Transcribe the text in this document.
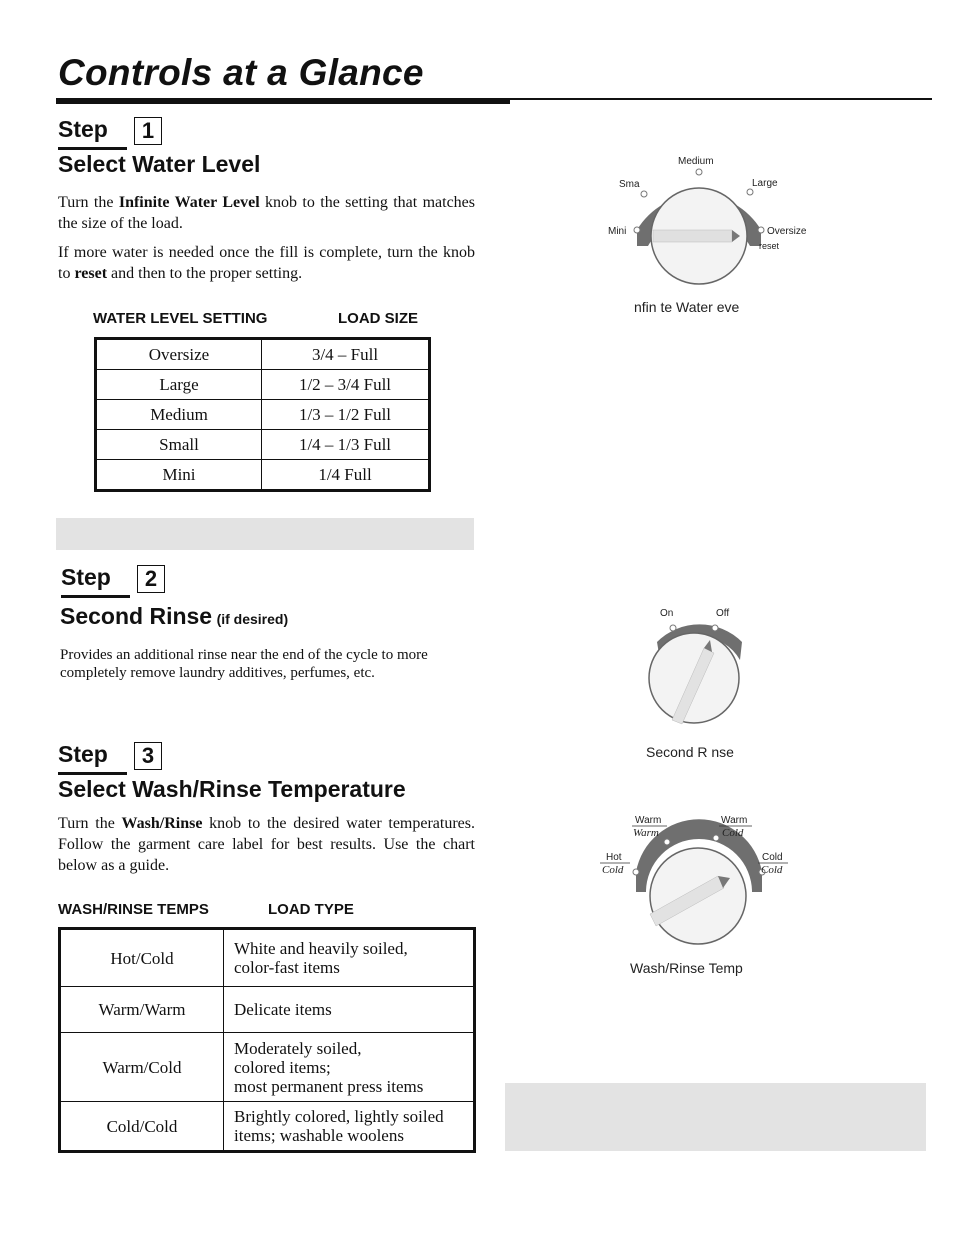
Controls at a Glance
Step	1
Select Water Level
Turn the Infinite Water Level knob to the setting that matches the size of the load.
If more water is needed once the fill is complete, turn the knob to reset and then to the proper setting.
WATER LEVEL SETTING	LOAD SIZE
Oversize	3/4 – Full
Large	1/2 – 3/4 Full
Medium	1/3 – 1/2 Full
Small	1/4 – 1/3 Full
Mini	1/4 Full
Medium
Sma	Large
Mini	Oversize
reset
nfin te Water eve
Step	2
Second Rinse (if desired)
Provides an additional rinse near the end of the cycle to more completely remove laundry additives, perfumes, etc.
On	Off
Second R nse
Step	3
Select Wash/Rinse Temperature
Turn the Wash/Rinse knob to the desired water temperatures. Follow the garment care label for best results. Use the chart below as a guide.
WASH/RINSE TEMPS	LOAD TYPE
Hot/Cold	White and heavily soiled,
color-fast items

Warm/Warm	Delicate items

Warm/Cold	Moderately soiled,
colored items;
most permanent press items

Cold/Cold	Brightly colored, lightly soiled
items; washable woolens
Warm
Warm
Warm
Cold
Hot
Cold
Cold
Cold
Wash/Rinse Temp
